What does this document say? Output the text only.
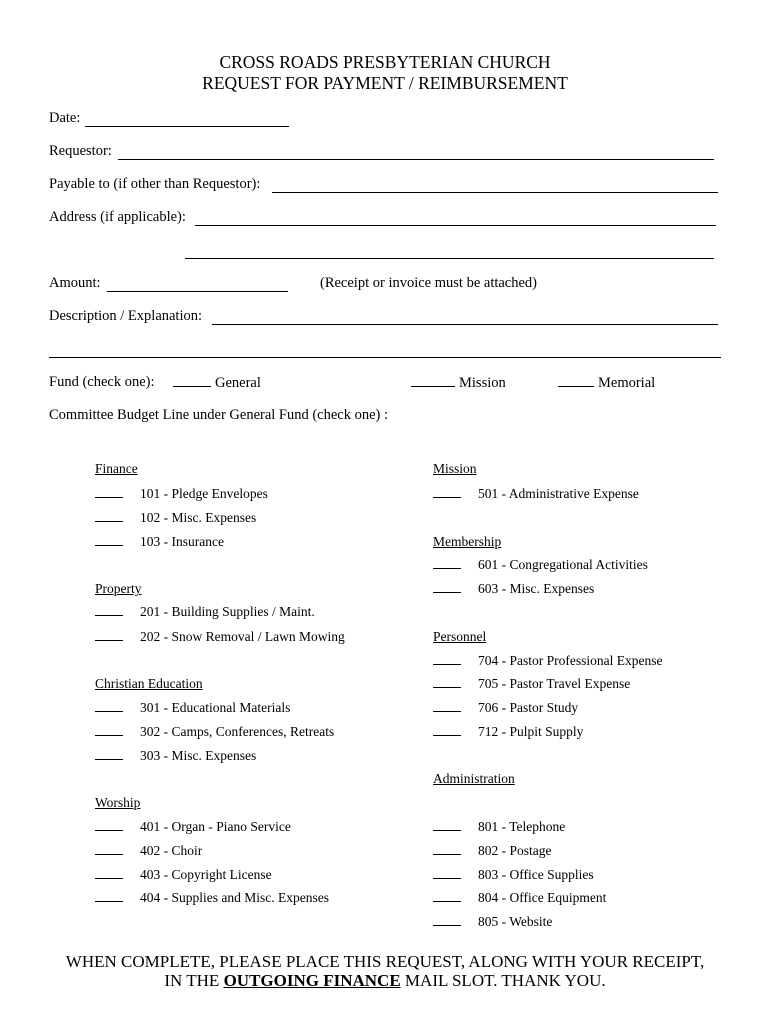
CROSS ROADS PRESBYTERIAN CHURCH
REQUEST FOR PAYMENT / REIMBURSEMENT
Date:
Requestor:
Payable to (if other than Requestor):
Address (if applicable):
Amount:	(Receipt or invoice must be attached)
Description / Explanation:
Fund (check one):	General	Mission	Memorial
Committee Budget Line under General Fund (check one) :
Finance
101 - Pledge Envelopes
102 - Misc. Expenses
103 - Insurance
Property
201 - Building Supplies / Maint.
202 - Snow Removal / Lawn Mowing
Christian Education
301 - Educational Materials
302 - Camps, Conferences, Retreats
303 - Misc. Expenses
Worship
401 - Organ - Piano Service
402 - Choir
403 - Copyright License
404 - Supplies and Misc. Expenses
Mission
501 - Administrative Expense
Membership
601 - Congregational Activities
603 - Misc. Expenses
Personnel
704 - Pastor Professional Expense
705 - Pastor Travel Expense
706 - Pastor Study
712 - Pulpit Supply
Administration
801 - Telephone
802 - Postage
803 - Office Supplies
804 - Office Equipment
805 - Website
WHEN COMPLETE, PLEASE PLACE THIS REQUEST, ALONG WITH YOUR RECEIPT,
IN THE OUTGOING FINANCE MAIL SLOT. THANK YOU.
